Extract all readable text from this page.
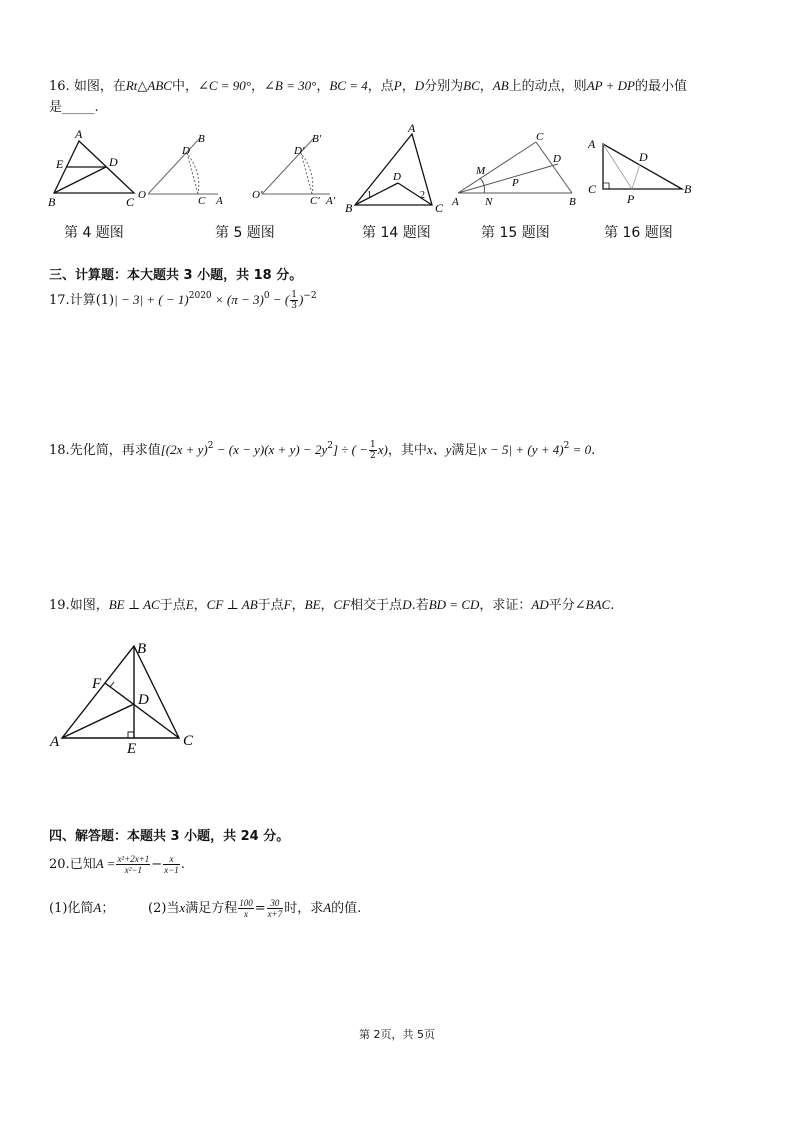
16. 如图，在Rt△ABC中，∠C = 90°，∠B = 30°，BC = 4，点P，D分别为BC，AB上的动点，则AP + DP的最小值
是_____.
A
E	D
B	C O
B
D
C A	O′
B′
D′
C′ A′
A
D
B	C
1	2
C
D
M
P
A N	B
A
D
C
P
B
第 4 题图	第 5 题图	第 14 题图	第 15 题图	第 16 题图
三、计算题：本大题共 3 小题，共 18 分。
17.计算(1)| − 3| + ( − $1)^{2020} \times (\pi - 3)^0$ − ( $\frac{1}{3} )^{-2}$
18.先化简，再求值$[(2x + y)^2 - (x - y)(x + y) - 2y^2]$ ÷ ( − $\frac{1}{2} x$)，其中x、y满足$|x - 5| + (y + 4)^2 = 0$.
19.如图，BE ⊥ AC于点E，CF ⊥ AB于点F，BE，CF相交于点D.若BD = CD，求证：AD平分∠BAC.
B
F
D
A	E	C
四、解答题：本题共 3 小题，共 24 分。
20.已知$A = \frac{\text{x²+2x+1}}{\text{x²−1}} - \frac{x}{x-1}$ .
(1)化简A；	(2)当x满足方程 $\frac{100}{x} = \frac{30}{x+7}$ 时，求A的值.
第 2页，共 5页
